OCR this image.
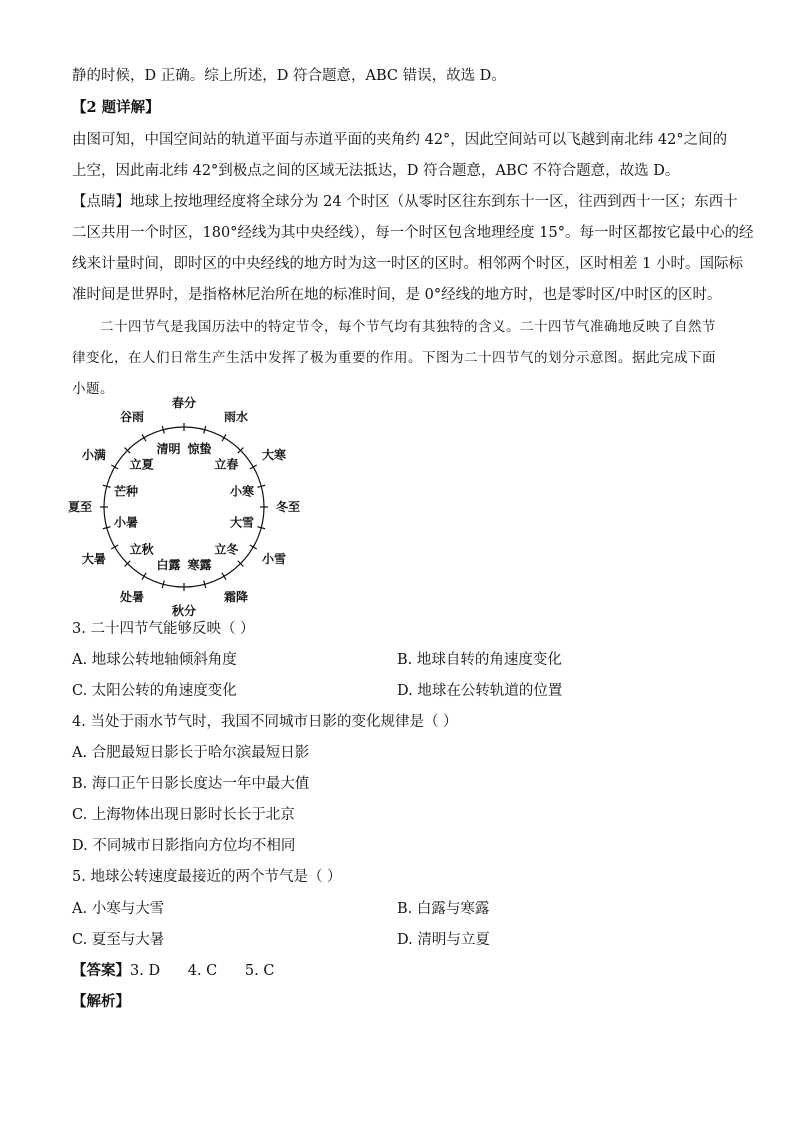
静的时候，D 正确。综上所述，D 符合题意，ABC 错误，故选 D。
【2 题详解】
由图可知，中国空间站的轨道平面与赤道平面的夹角约 42°，因此空间站可以飞越到南北纬 42°之间的
上空，因此南北纬 42°到极点之间的区域无法抵达，D 符合题意，ABC 不符合题意，故选 D。
【点睛】地球上按地理经度将全球分为 24 个时区（从零时区往东到东十一区，往西到西十一区；东西十
二区共用一个时区，180°经线为其中央经线），每一个时区包含地理经度 15°。每一时区都按它最中心的经
线来计量时间，即时区的中央经线的地方时为这一时区的区时。相邻两个时区，区时相差 1 小时。国际标
准时间是世界时，是指格林尼治所在地的标准时间，是 0°经线的地方时，也是零时区/中时区的区时。
二十四节气是我国历法中的特定节令，每个节气均有其独特的含义。二十四节气准确地反映了自然节
律变化，在人们日常生产生活中发挥了极为重要的作用。下图为二十四节气的划分示意图。据此完成下面
小题。
春分
雨水
大寒
冬至
小雪
霜降
秋分
处暑
大暑
夏至
小满
谷雨
惊蛰
立春
小寒
大雪
立冬
寒露
白露
立秋
小暑
芒种
立夏
清明
3. 二十四节气能够反映（ ）
A. 地球公转地轴倾斜角度	B. 地球自转的角速度变化
C. 太阳公转的角速度变化	D. 地球在公转轨道的位置
4. 当处于雨水节气时，我国不同城市日影的变化规律是（ ）
A. 合肥最短日影长于哈尔滨最短日影
B. 海口正午日影长度达一年中最大值
C. 上海物体出现日影时长长于北京
D. 不同城市日影指向方位均不相同
5. 地球公转速度最接近的两个节气是（ ）
A. 小寒与大雪	B. 白露与寒露
C. 夏至与大暑	D. 清明与立夏
【答案】3. D      4. C      5. C
【解析】
